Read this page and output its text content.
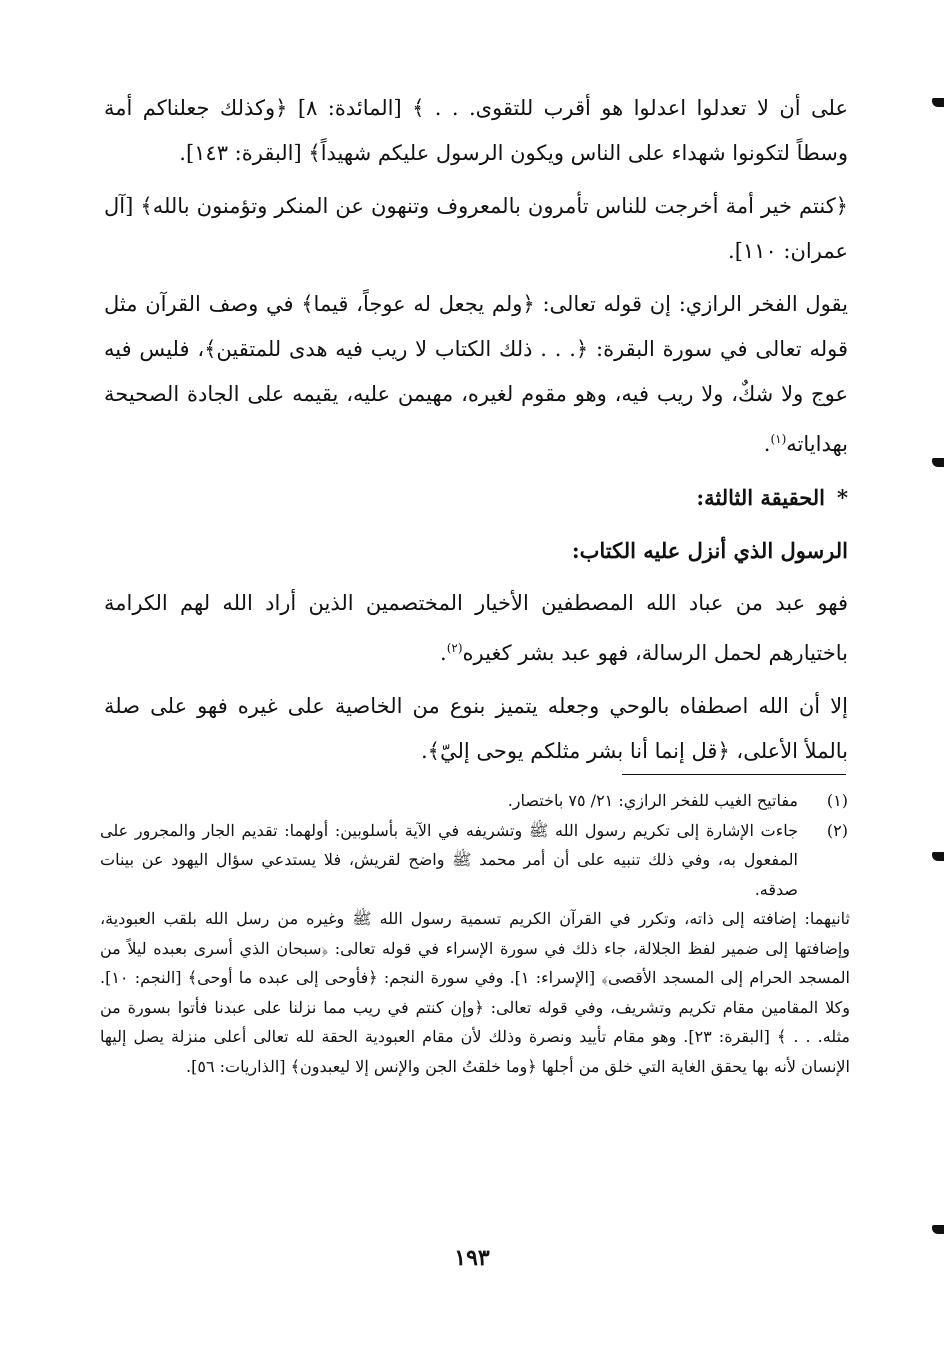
على أن لا تعدلوا اعدلوا هو أقرب للتقوى. . . ﴾ [المائدة: ٨] ﴿وكذلك جعلناكم أمة وسطاً لتكونوا شهداء على الناس ويكون الرسول عليكم شهيداً﴾ [البقرة: ١٤٣].

﴿كنتم خير أمة أخرجت للناس تأمرون بالمعروف وتنهون عن المنكر وتؤمنون بالله﴾ [آل عمران: ١١٠].

يقول الفخر الرازي: إن قوله تعالى: ﴿ولم يجعل له عوجاً، قيما﴾ في وصف القرآن مثل قوله تعالى في سورة البقرة: ﴿. . . ذلك الكتاب لا ريب فيه هدى للمتقين﴾، فليس فيه عوج ولا شكٌ، ولا ريب فيه، وهو مقوم لغيره، مهيمن عليه، يقيمه على الجادة الصحيحة بهداياته$^{(١)}$.

*الحقيقة الثالثة:

الرسول الذي أنزل عليه الكتاب:

فهو عبد من عباد الله المصطفين الأخيار المختصمين الذين أراد الله لهم الكرامة باختيارهم لحمل الرسالة، فهو عبد بشر كغيره$^{(٢)}$.

إلا أن الله اصطفاه بالوحي وجعله يتميز بنوع من الخاصية على غيره فهو على صلة بالملأ الأعلى، ﴿قل إنما أنا بشر مثلكم يوحى إليّ﴾.

(١)
مفاتيح الغيب للفخر الرازي: ٢١/ ٧٥ باختصار.
(٢)
جاءت الإشارة إلى تكريم رسول الله ﷺ وتشريفه في الآية بأسلوبين: أولهما: تقديم الجار والمجرور على المفعول به، وفي ذلك تنبيه على أن أمر محمد ﷺ واضح لقريش، فلا يستدعي سؤال اليهود عن بينات صدقه.
ثانيهما: إضافته إلى ذاته، وتكرر في القرآن الكريم تسمية رسول الله ﷺ وغيره من رسل الله بلقب العبودية، وإضافتها إلى ضمير لفظ الجلالة، جاء ذلك في سورة الإسراء في قوله تعالى: ﴿سبحان الذي أسرى بعبده ليلاً من المسجد الحرام إلى المسجد الأقصى﴾ [الإسراء: ١]. وفي سورة النجم: ﴿فأوحى إلى عبده ما أوحى﴾ [النجم: ١٠]. وكلا المقامين مقام تكريم وتشريف، وفي قوله تعالى: ﴿وإن كنتم في ريب مما نزلنا على عبدنا فأتوا بسورة من مثله. . . ﴾ [البقرة: ٢٣]. وهو مقام تأييد ونصرة وذلك لأن مقام العبودية الحقة لله تعالى أعلى منزلة يصل إليها الإنسان لأنه بها يحقق الغاية التي خلق من أجلها ﴿وما خلقتُ الجن والإنس إلا ليعبدون﴾ [الذاريات: ٥٦].
١٩٣
